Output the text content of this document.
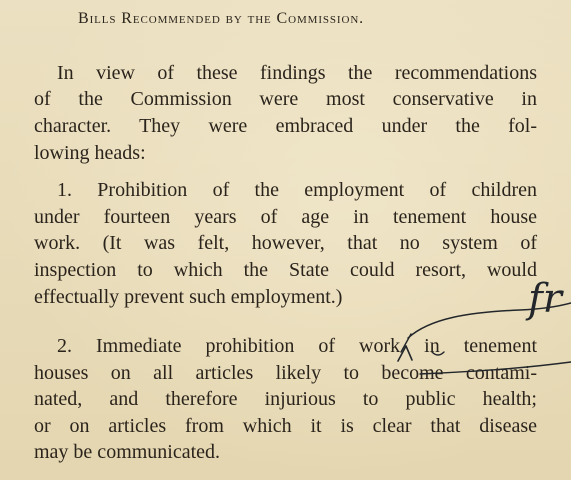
Bills Recommended by the Commission.
In view of these findings the recommendations
of the Commission were most conservative in
character. They were embraced under the fol-
lowing heads:
1. Prohibition of the employment of children
under fourteen years of age in tenement house
work. (It was felt, however, that no system of
inspection to which the State could resort, would
effectually prevent such employment.)
2. Immediate prohibition of work in tenement
houses on all articles likely to become contami-
nated, and therefore injurious to public health;
or on articles from which it is clear that disease
may be communicated.
fr
